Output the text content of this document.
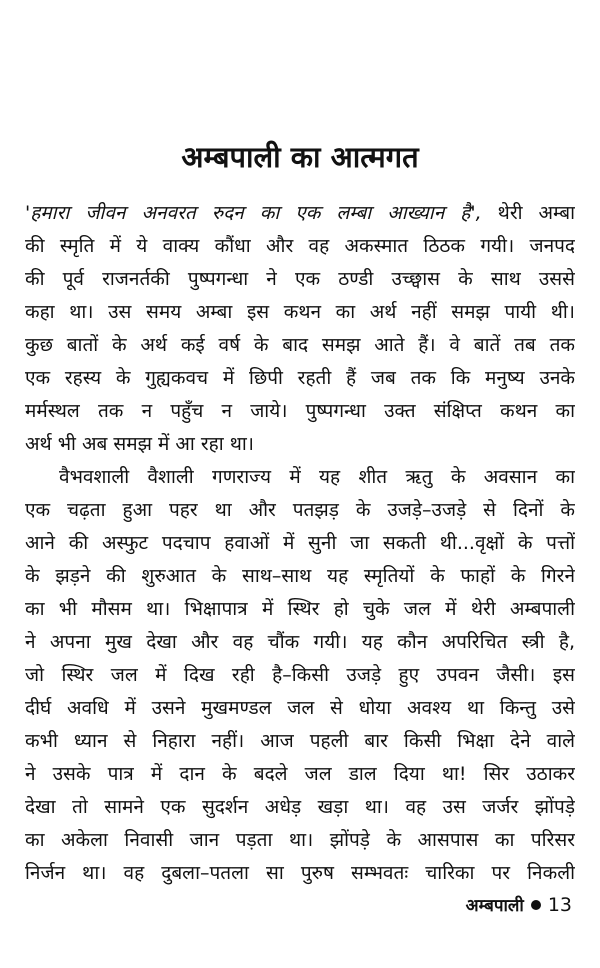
अम्बपाली का आत्मगत
'हमारा जीवन अनवरत रुदन का एक लम्बा आख्यान है', थेरी अम्बा
की स्मृति में ये वाक्य कौंधा और वह अकस्मात ठिठक गयी। जनपद
की पूर्व राजनर्तकी पुष्पगन्धा ने एक ठण्डी उच्छ्वास के साथ उससे
कहा था। उस समय अम्बा इस कथन का अर्थ नहीं समझ पायी थी।
कुछ बातों के अर्थ कई वर्ष के बाद समझ आते हैं। वे बातें तब तक
एक रहस्य के गुह्यकवच में छिपी रहती हैं जब तक कि मनुष्य उनके
मर्मस्थल तक न पहुँच न जाये। पुष्पगन्धा उक्त संक्षिप्त कथन का
अर्थ भी अब समझ में आ रहा था।
वैभवशाली वैशाली गणराज्य में यह शीत ऋतु के अवसान का
एक चढ़ता हुआ पहर था और पतझड़ के उजड़े–उजड़े से दिनों के
आने की अस्फुट पदचाप हवाओं में सुनी जा सकती थी...वृक्षों के पत्तों
के झड़ने की शुरुआत के साथ–साथ यह स्मृतियों के फाहों के गिरने
का भी मौसम था। भिक्षापात्र में स्थिर हो चुके जल में थेरी अम्बपाली
ने अपना मुख देखा और वह चौंक गयी। यह कौन अपरिचित स्त्री है,
जो स्थिर जल में दिख रही है–किसी उजड़े हुए उपवन जैसी। इस
दीर्घ अवधि में उसने मुखमण्डल जल से धोया अवश्य था किन्तु उसे
कभी ध्यान से निहारा नहीं। आज पहली बार किसी भिक्षा देने वाले
ने उसके पात्र में दान के बदले जल डाल दिया था! सिर उठाकर
देखा तो सामने एक सुदर्शन अधेड़ खड़ा था। वह उस जर्जर झोंपड़े
का अकेला निवासी जान पड़ता था। झोंपड़े के आसपास का परिसर
निर्जन था। वह दुबला–पतला सा पुरुष सम्भवतः चारिका पर निकली
अम्बपाली 13
